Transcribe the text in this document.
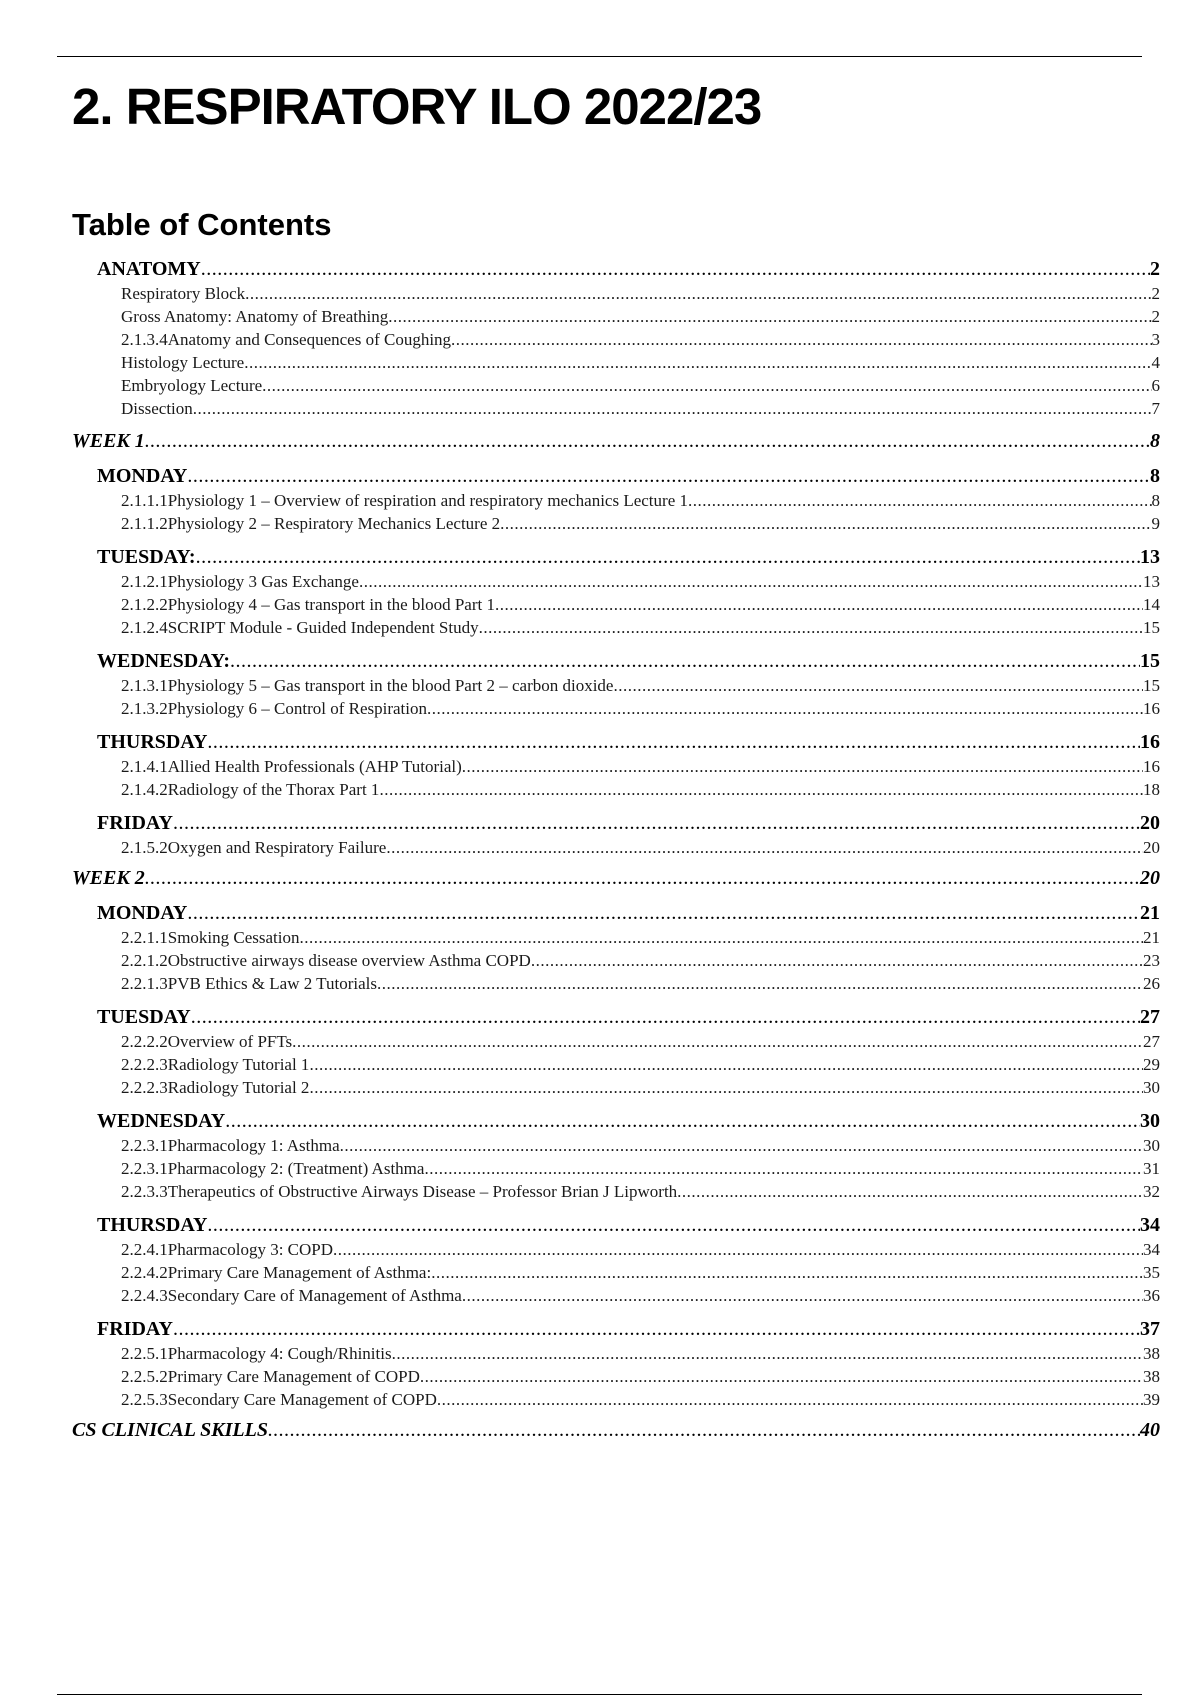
2. RESPIRATORY ILO 2022/23
Table of Contents
ANATOMY .....	2
Respiratory Block .....	2
Gross Anatomy: Anatomy of Breathing .....	2
2.1.3.4 Anatomy and Consequences of Coughing .....	3
Histology Lecture .....	4
Embryology Lecture .....	6
Dissection .....	7
WEEK 1 .....	8
MONDAY .....	8
2.1.1.1 Physiology 1 – Overview of respiration and respiratory mechanics Lecture 1 .....	8
2.1.1.2 Physiology 2 – Respiratory Mechanics Lecture 2 .....	9
TUESDAY: .....	13
2.1.2.1 Physiology 3 Gas Exchange .....	13
2.1.2.2 Physiology 4 – Gas transport in the blood Part 1 .....	14
2.1.2.4 SCRIPT Module - Guided Independent Study .....	15
WEDNESDAY: .....	15
2.1.3.1 Physiology 5 – Gas transport in the blood Part 2 – carbon dioxide .....	15
2.1.3.2 Physiology 6 – Control of Respiration .....	16
THURSDAY .....	16
2.1.4.1 Allied Health Professionals (AHP Tutorial) .....	16
2.1.4.2 Radiology of the Thorax Part 1 .....	18
FRIDAY .....	20
2.1.5.2 Oxygen and Respiratory Failure .....	20
WEEK 2 .....	20
MONDAY .....	21
2.2.1.1 Smoking Cessation .....	21
2.2.1.2 Obstructive airways disease overview Asthma COPD .....	23
2.2.1.3 PVB Ethics & Law 2 Tutorials .....	26
TUESDAY .....	27
2.2.2.2 Overview of PFTs .....	27
2.2.2.3 Radiology Tutorial 1 .....	29
2.2.2.3 Radiology Tutorial 2 .....	30
WEDNESDAY .....	30
2.2.3.1 Pharmacology 1: Asthma .....	30
2.2.3.1 Pharmacology 2: (Treatment) Asthma .....	31
2.2.3.3 Therapeutics of Obstructive Airways Disease – Professor Brian J Lipworth .....	32
THURSDAY .....	34
2.2.4.1 Pharmacology 3: COPD .....	34
2.2.4.2 Primary Care Management of Asthma: .....	35
2.2.4.3 Secondary Care of Management of Asthma .....	36
FRIDAY .....	37
2.2.5.1 Pharmacology 4: Cough/Rhinitis .....	38
2.2.5.2 Primary Care Management of COPD .....	38
2.2.5.3 Secondary Care Management of COPD .....	39
CS CLINICAL SKILLS .....	40
